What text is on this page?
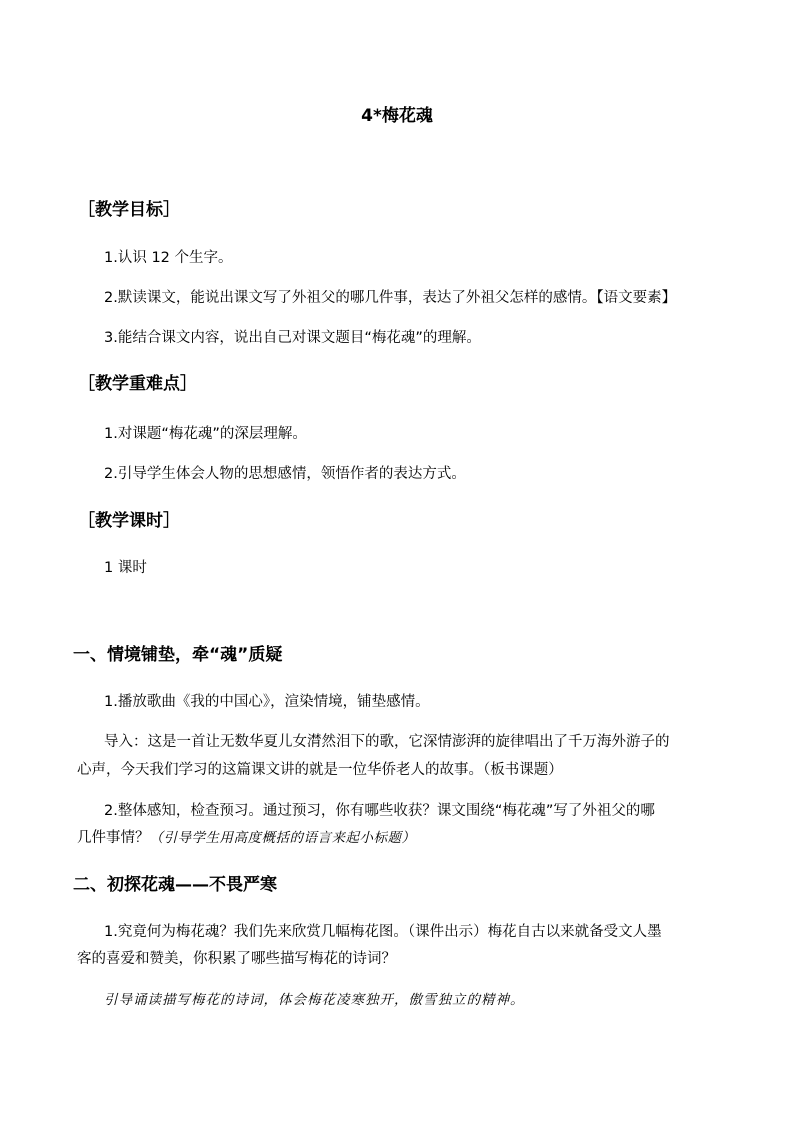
4*梅花魂
［教学目标］
1.认识 12 个生字。
2.默读课文，能说出课文写了外祖父的哪几件事，表达了外祖父怎样的感情。【语文要素】
3.能结合课文内容，说出自己对课文题目“梅花魂”的理解。
［教学重难点］
1.对课题“梅花魂”的深层理解。
2.引导学生体会人物的思想感情，领悟作者的表达方式。
［教学课时］
1 课时
一、情境铺垫，牵“魂”质疑
1.播放歌曲《我的中国心》，渲染情境，铺垫感情。
导入：这是一首让无数华夏儿女潸然泪下的歌，它深情澎湃的旋律唱出了千万海外游子的
心声，今天我们学习的这篇课文讲的就是一位华侨老人的故事。（板书课题）
2.整体感知，检查预习。通过预习，你有哪些收获？课文围绕“梅花魂”写了外祖父的哪
几件事情？（引导学生用高度概括的语言来起小标题）
二、初探花魂——不畏严寒
1.究竟何为梅花魂？我们先来欣赏几幅梅花图。（课件出示）梅花自古以来就备受文人墨
客的喜爱和赞美，你积累了哪些描写梅花的诗词？
引导诵读描写梅花的诗词，体会梅花凌寒独开，傲雪独立的精神。
